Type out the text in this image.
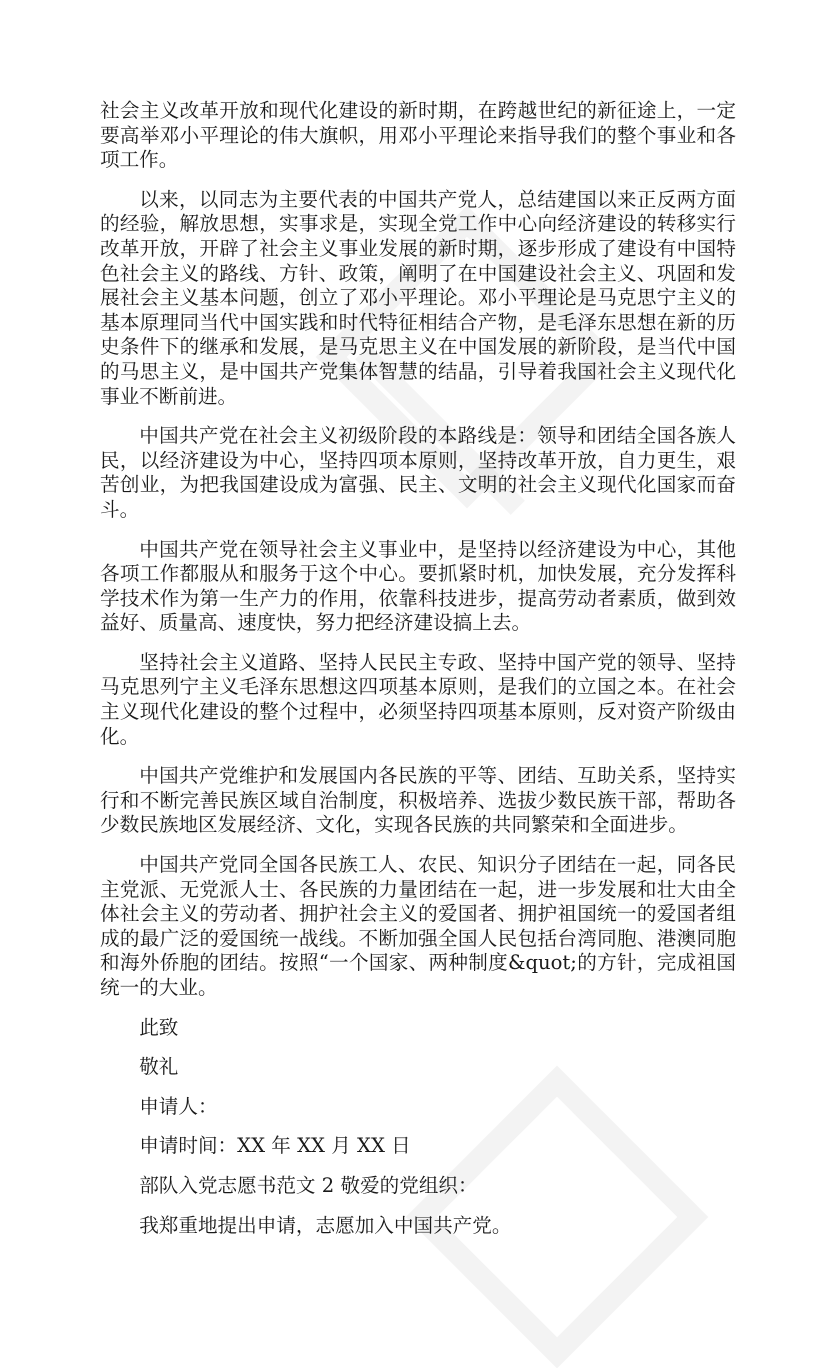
社会主义改革开放和现代化建设的新时期，在跨越世纪的新征途上，一定要高举邓小平理论的伟大旗帜，用邓小平理论来指导我们的整个事业和各项工作。

以来，以同志为主要代表的中国共产党人，总结建国以来正反两方面的经验，解放思想，实事求是，实现全党工作中心向经济建设的转移实行改革开放，开辟了社会主义事业发展的新时期，逐步形成了建设有中国特色社会主义的路线、方针、政策，阐明了在中国建设社会主义、巩固和发展社会主义基本问题，创立了邓小平理论。邓小平理论是马克思宁主义的基本原理同当代中国实践和时代特征相结合产物，是毛泽东思想在新的历史条件下的继承和发展，是马克思主义在中国发展的新阶段，是当代中国的马思主义，是中国共产党集体智慧的结晶，引导着我国社会主义现代化事业不断前进。

中国共产党在社会主义初级阶段的本路线是：领导和团结全国各族人民，以经济建设为中心，坚持四项本原则，坚持改革开放，自力更生，艰苦创业，为把我国建设成为富强、民主、文明的社会主义现代化国家而奋斗。

中国共产党在领导社会主义事业中，是坚持以经济建设为中心，其他各项工作都服从和服务于这个中心。要抓紧时机，加快发展，充分发挥科学技术作为第一生产力的作用，依靠科技进步，提高劳动者素质，做到效益好、质量高、速度快，努力把经济建设搞上去。

坚持社会主义道路、坚持人民民主专政、坚持中国产党的领导、坚持马克思列宁主义毛泽东思想这四项基本原则，是我们的立国之本。在社会主义现代化建设的整个过程中，必须坚持四项基本原则，反对资产阶级由化。

中国共产党维护和发展国内各民族的平等、团结、互助关系，坚持实行和不断完善民族区域自治制度，积极培养、选拔少数民族干部，帮助各少数民族地区发展经济、文化，实现各民族的共同繁荣和全面进步。

中国共产党同全国各民族工人、农民、知识分子团结在一起，同各民主党派、无党派人士、各民族的力量团结在一起，进一步发展和壮大由全体社会主义的劳动者、拥护社会主义的爱国者、拥护祖国统一的爱国者组成的最广泛的爱国统一战线。不断加强全国人民包括台湾同胞、港澳同胞和海外侨胞的团结。按照“一个国家、两种制度&quot;的方针，完成祖国统一的大业。

此致

敬礼

申请人：

申请时间：XX 年 XX 月 XX 日

部队入党志愿书范文 2 敬爱的党组织：

我郑重地提出申请，志愿加入中国共产党。
